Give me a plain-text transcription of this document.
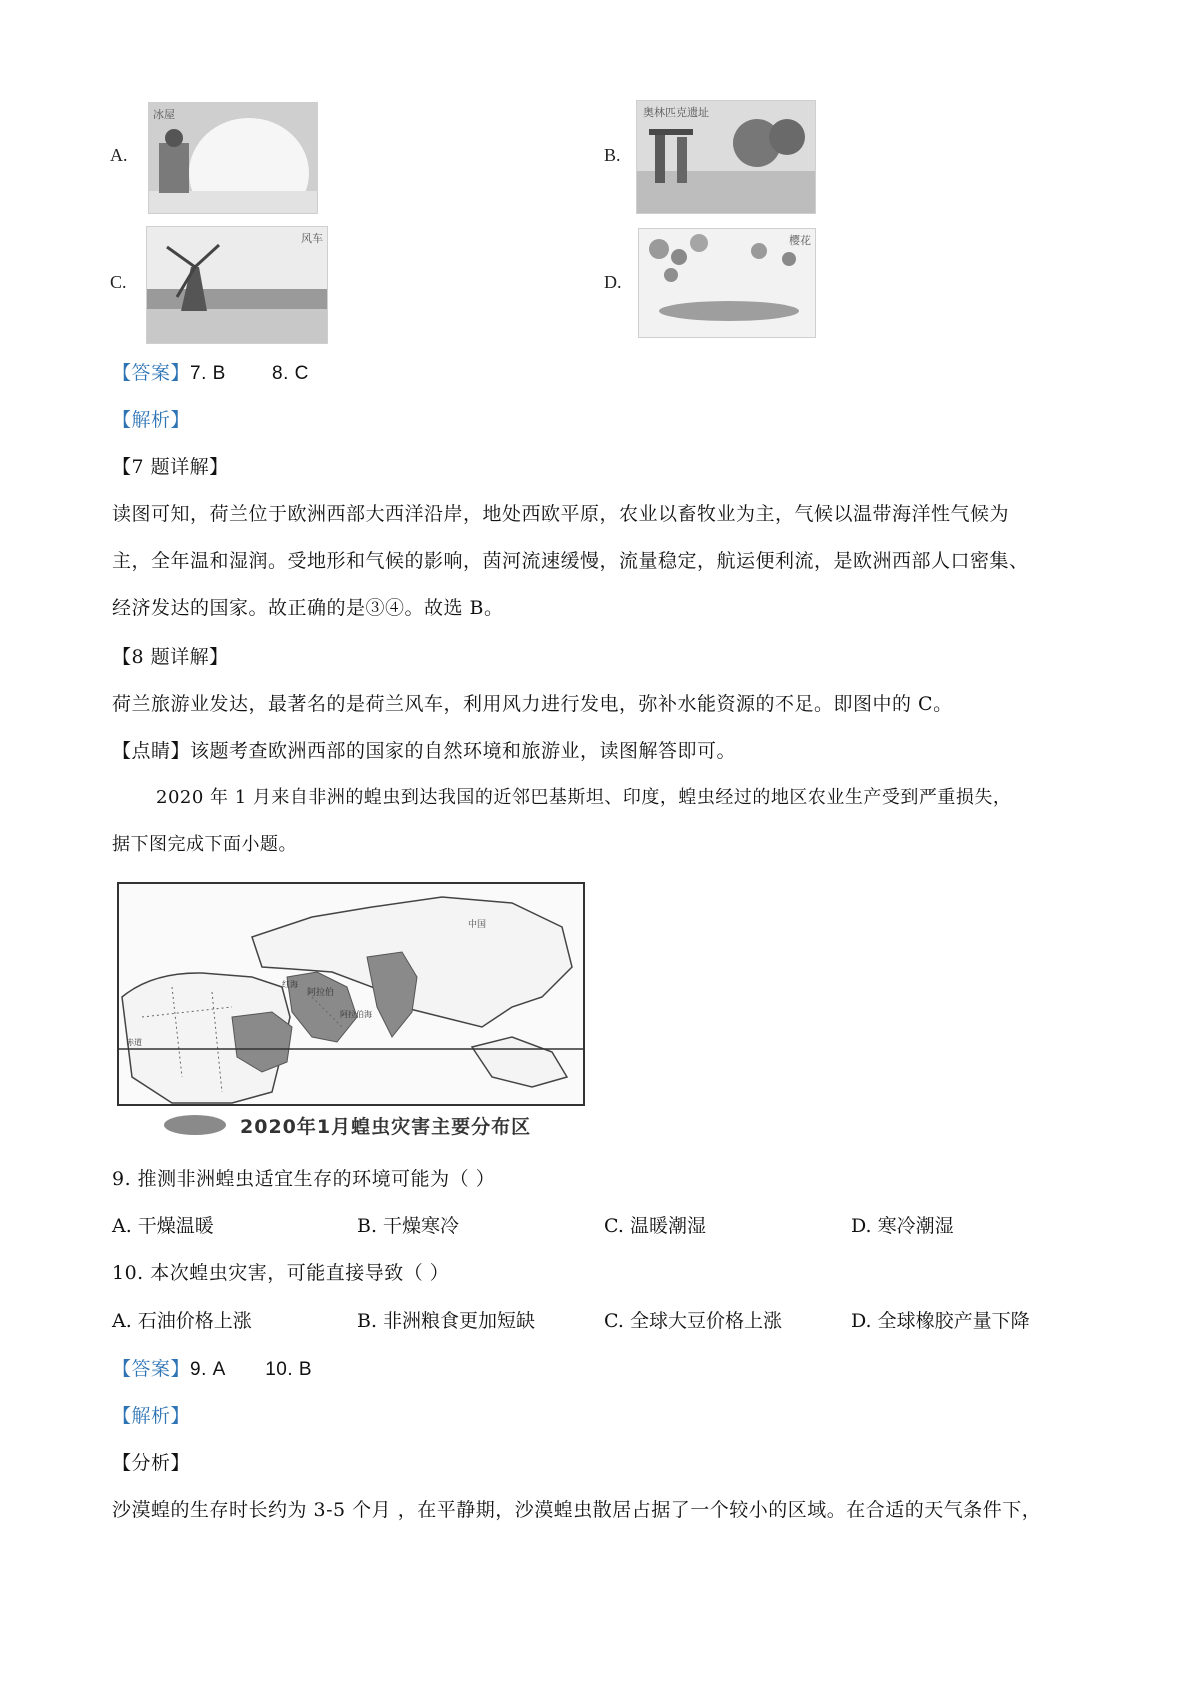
A.
冰屋
B.
奥林匹克遗址
C.
风车
D.
樱花
【答案】7. B        8. C
【解析】
【7 题详解】
读图可知，荷兰位于欧洲西部大西洋沿岸，地处西欧平原，农业以畜牧业为主，气候以温带海洋性气候为
主，全年温和湿润。受地形和气候的影响，茵河流速缓慢，流量稳定，航运便利流，是欧洲西部人口密集、
经济发达的国家。故正确的是③④。故选 B。
【8 题详解】
荷兰旅游业发达，最著名的是荷兰风车，利用风力进行发电，弥补水能资源的不足。即图中的 C。
【点睛】该题考查欧洲西部的国家的自然环境和旅游业，读图解答即可。
2020 年 1 月来自非洲的蝗虫到达我国的近邻巴基斯坦、印度，蝗虫经过的地区农业生产受到严重损失，
据下图完成下面小题。
中国
阿拉伯
红海
阿拉伯海
赤道
2020年1月蝗虫灾害主要分布区
9. 推测非洲蝗虫适宜生存的环境可能为（ ）
A. 干燥温暖	B. 干燥寒冷	C. 温暖潮湿	D. 寒冷潮湿
10. 本次蝗虫灾害，可能直接导致（ ）
A. 石油价格上涨	B. 非洲粮食更加短缺	C. 全球大豆价格上涨	D. 全球橡胶产量下降
【答案】9. A       10. B
【解析】
【分析】
沙漠蝗的生存时长约为 3-5 个月 ，在平静期，沙漠蝗虫散居占据了一个较小的区域。在合适的天气条件下，
